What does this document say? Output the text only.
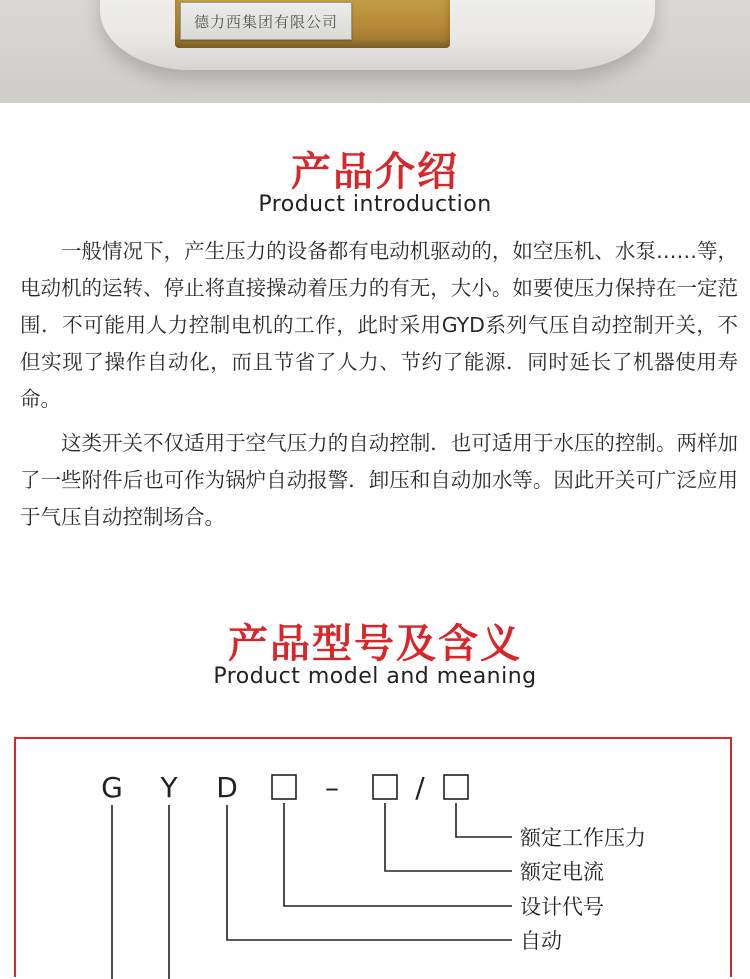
德力西集团有限公司
产品介绍
Product introduction

一般情况下，产生压力的设备都有电动机驱动的，如空压机、水泵……等，电动机的运转、停止将直接操动着压力的有无，大小。如要使压力保持在一定范围．不可能用人力控制电机的工作，此时采用GYD系列气压自动控制开关，不但实现了操作自动化，而且节省了人力、节约了能源．同时延长了机器使用寿命。

这类开关不仅适用于空气压力的自动控制．也可适用于水压的控制。两样加了一些附件后也可作为锅炉自动报警．卸压和自动加水等。因此开关可广泛应用于气压自动控制场合。

产品型号及含义
Product model and meaning
G Y D	–	/
额定工作压力
额定电流
设计代号
自动
